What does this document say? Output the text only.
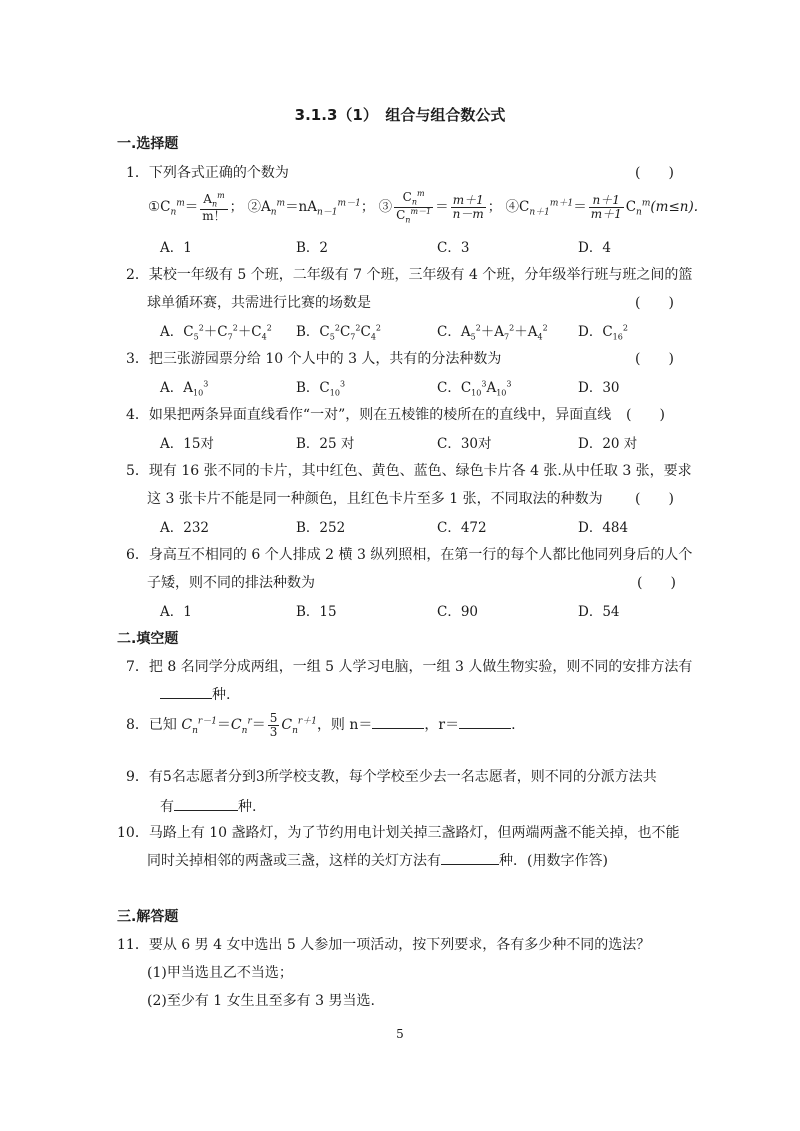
3.1.3（1）　组合与组合数公式
一.选择题
1．下列各式正确的个数为	(　　)
$①C_n^m= \frac{A_n^m}{m!}$ ； $②A_n^m=nA_{n-1}^{m-1}$； ③ $\frac{C_n^m}{C_n^{m-1}} = \frac{m+1}{n-m}$ ； $④C_{n+1}^{m+1}= \frac{n+1}{m+1} C_n^m(m\le n)$.
A．1	B．2	C．3	D．4
2．某校一年级有 5 个班，二年级有 7 个班，三年级有 4 个班，分年级举行班与班之间的篮
球单循环赛，共需进行比赛的场数是	(　　)
A．$C_5^2+C_7^2+C_4^2$ B．$C_5^2C_7^2C_4^2$	C．$A_5^2+A_7^2+A_4^2$ D．$C_{16}^2$
3．把三张游园票分给 10 个人中的 3 人，共有的分法种数为	(　　)
A．$A_{10}^3$	B．$C_{10}^3$	C．$C_{10}^3A_{10}^3$	D．30
4．如果把两条异面直线看作“一对”，则在五棱锥的棱所在的直线中，异面直线 (　　)
A．15对	B．25 对	C．30对	D．20 对
5．现有 16 张不同的卡片，其中红色、黄色、蓝色、绿色卡片各 4 张.从中任取 3 张，要求
这 3 张卡片不能是同一种颜色，且红色卡片至多 1 张，不同取法的种数为 (　　)
A．232	B．252	C．472	D．484
6．身高互不相同的 6 个人排成 2 横 3 纵列照相，在第一行的每个人都比他同列身后的人个
子矮，则不同的排法种数为	(　　)
A．1	B．15	C．90	D．54
二.填空题
7．把 8 名同学分成两组，一组 5 人学习电脑，一组 3 人做生物实验，则不同的安排方法有
种.
8．已知 $C_n^{r-1}=C_n^r= \frac{5}{3} C_n^{r+1}$，则 n＝	，r＝	.
9．有5名志愿者分到3所学校支教，每个学校至少去一名志愿者，则不同的分派方法共
有	种.
10．马路上有 10 盏路灯，为了节约用电计划关掉三盏路灯，但两端两盏不能关掉，也不能
同时关掉相邻的两盏或三盏，这样的关灯方法有	种．(用数字作答)
三.解答题
11．要从 6 男 4 女中选出 5 人参加一项活动，按下列要求，各有多少种不同的选法？
(1)甲当选且乙不当选；
(2)至少有 1 女生且至多有 3 男当选.
5
